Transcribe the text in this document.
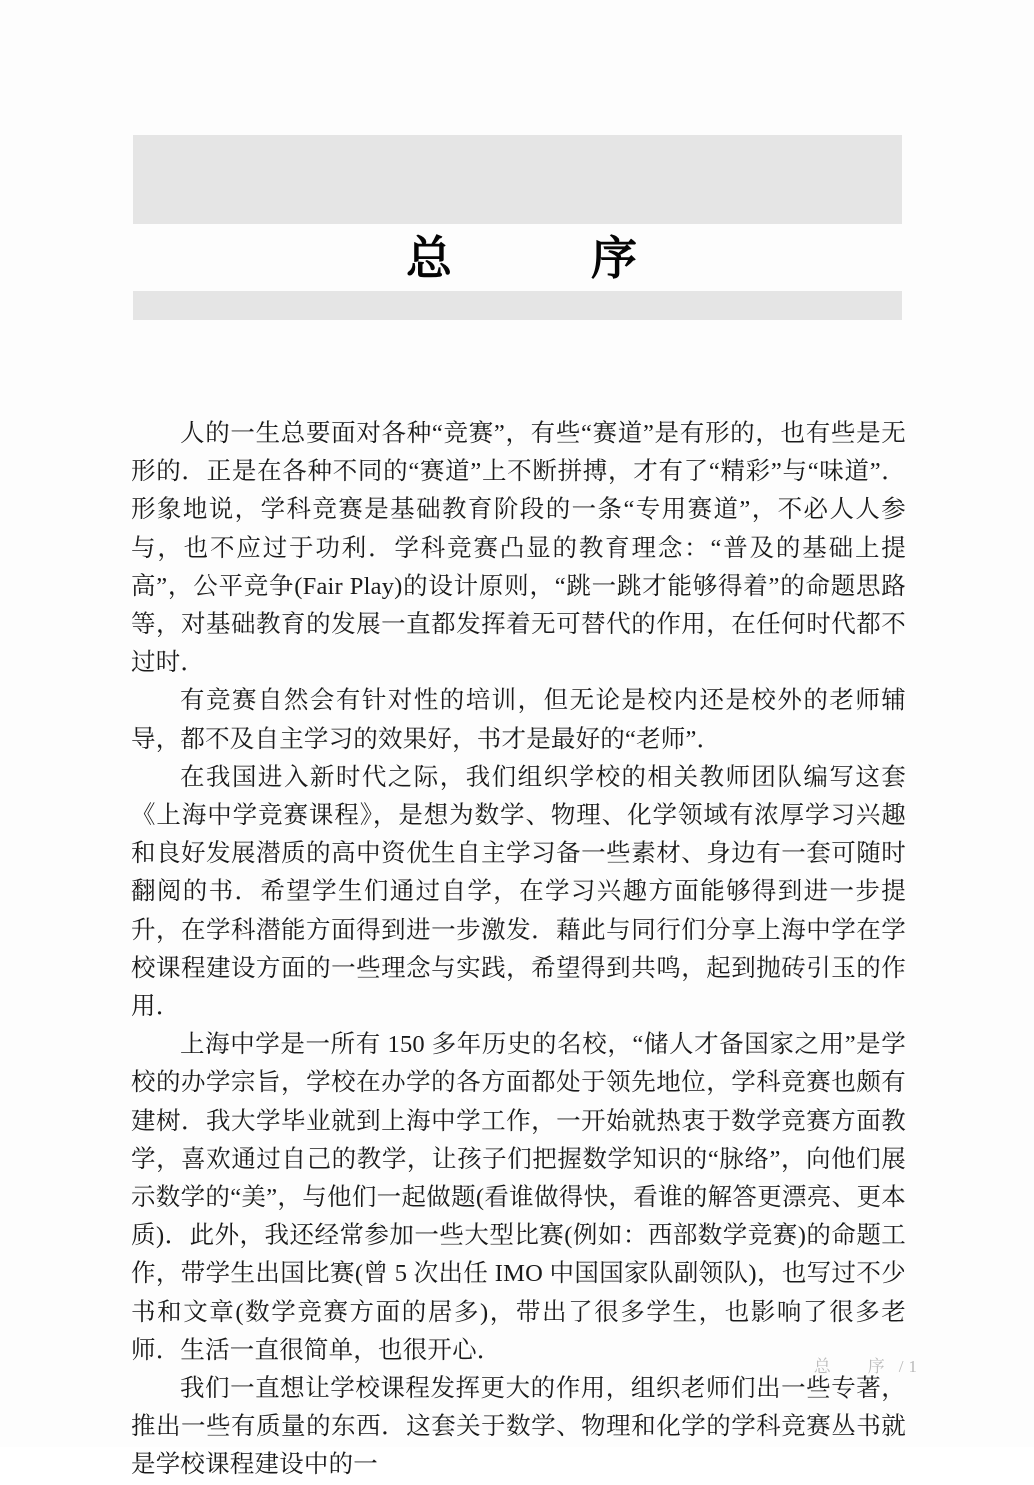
总　　序

人的一生总要面对各种“竞赛”，有些“赛道”是有形的，也有些是无形的．正是在各种不同的“赛道”上不断拼搏，才有了“精彩”与“味道”．形象地说，学科竞赛是基础教育阶段的一条“专用赛道”，不必人人参与，也不应过于功利．学科竞赛凸显的教育理念：“普及的基础上提高”，公平竞争(Fair Play)的设计原则，“跳一跳才能够得着”的命题思路等，对基础教育的发展一直都发挥着无可替代的作用，在任何时代都不过时．

有竞赛自然会有针对性的培训，但无论是校内还是校外的老师辅导，都不及自主学习的效果好，书才是最好的“老师”．

在我国进入新时代之际，我们组织学校的相关教师团队编写这套《上海中学竞赛课程》，是想为数学、物理、化学领域有浓厚学习兴趣和良好发展潜质的高中资优生自主学习备一些素材、身边有一套可随时翻阅的书．希望学生们通过自学，在学习兴趣方面能够得到进一步提升，在学科潜能方面得到进一步激发．藉此与同行们分享上海中学在学校课程建设方面的一些理念与实践，希望得到共鸣，起到抛砖引玉的作用．

上海中学是一所有 150 多年历史的名校，“储人才备国家之用”是学校的办学宗旨，学校在办学的各方面都处于领先地位，学科竞赛也颇有建树．我大学毕业就到上海中学工作，一开始就热衷于数学竞赛方面教学，喜欢通过自己的教学，让孩子们把握数学知识的“脉络”，向他们展示数学的“美”，与他们一起做题(看谁做得快，看谁的解答更漂亮、更本质)．此外，我还经常参加一些大型比赛(例如：西部数学竞赛)的命题工作，带学生出国比赛(曾 5 次出任 IMO 中国国家队副领队)，也写过不少书和文章(数学竞赛方面的居多)，带出了很多学生，也影响了很多老师．生活一直很简单，也很开心．

我们一直想让学校课程发挥更大的作用，组织老师们出一些专著，推出一些有质量的东西．这套关于数学、物理和化学的学科竞赛丛书就是学校课程建设中的一

总　序 / 1
